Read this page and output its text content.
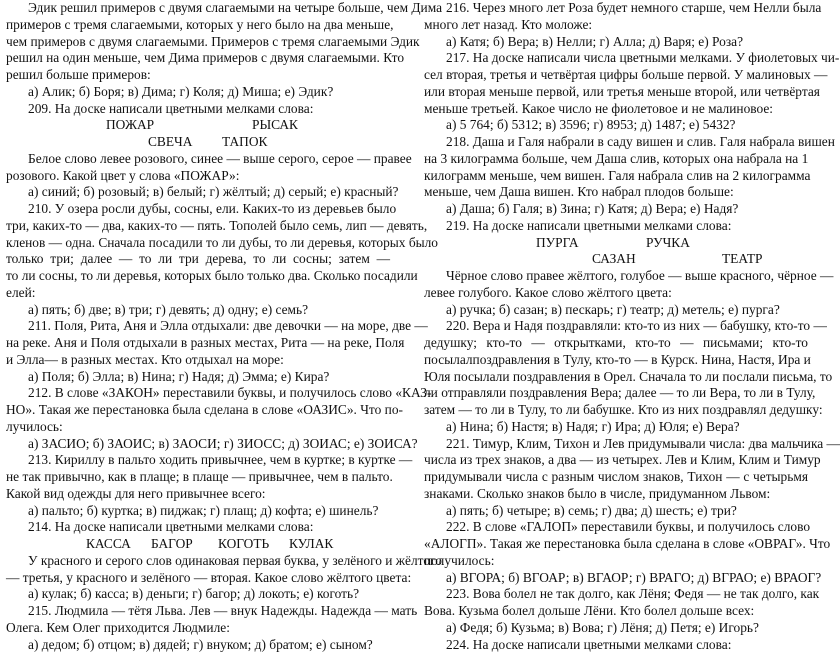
Эдик решил примеров с двумя слагаемыми на четыре больше, чем Дима
примеров с тремя слагаемыми, которых у него было на два меньше,
чем примеров с двумя слагаемыми. Примеров с тремя слагаемыми Эдик
решил на один меньше, чем Дима примеров с двумя слагаемыми. Кто
решил больше примеров:
а) Алик; б) Боря; в) Дима; г) Коля; д) Миша; е) Эдик?
209. На доске написали цветными мелками слова:
ПОЖАР	РЫСАК
СВЕЧА ТАПОК
Белое слово левее розового, синее — выше серого, серое — правее
розового. Какой цвет у слова «ПОЖАР»:
а) синий; б) розовый; в) белый; г) жёлтый; д) серый; е) красный?
210. У озера росли дубы, сосны, ели. Каких-то из деревьев было
три, каких-то — два, каких-то — пять. Тополей было семь, лип — девять,
кленов — одна. Сначала посадили то ли дубы, то ли деревья, которых было
только три; далее — то ли три дерева, то ли сосны; затем —
то ли сосны, то ли деревья, которых было только два. Сколько посадили
елей:
а) пять; б) две; в) три; г) девять; д) одну; е) семь?
211. Поля, Рита, Аня и Элла отдыхали: две девочки — на море, две —
на реке. Аня и Поля отдыхали в разных местах, Рита — на реке, Поля
и Элла— в разных местах. Кто отдыхал на море:
а) Поля; б) Элла; в) Нина; г) Надя; д) Эмма; е) Кира?
212. В слове «ЗАКОН» переставили буквы, и получилось слово «КАЗ-
НО». Такая же перестановка была сделана в слове «ОАЗИС». Что по-
лучилось:
а) ЗАСИО; б) ЗАОИС; в) ЗАОСИ; г) ЗИОСС; д) ЗОИАС; е) ЗОИСА?
213. Кириллу в пальто ходить привычнее, чем в куртке; в куртке —
не так привычно, как в плаще; в плаще — привычнее, чем в пальто.
Какой вид одежды для него привычнее всего:
а) пальто; б) куртка; в) пиджак; г) плащ; д) кофта; е) шинель?
214. На доске написали цветными мелками слова:
КАССА БАГОР КОГОТЬ КУЛАК
У красного и серого слов одинаковая первая буква, у зелёного и жёлтого
— третья, у красного и зелёного — вторая. Какое слово жёлтого цвета:
а) кулак; б) касса; в) деньги; г) багор; д) локоть; е) коготь?
215. Людмила — тётя Льва. Лев — внук Надежды. Надежда — мать
Олега. Кем Олег приходится Людмиле:
а) дедом; б) отцом; в) дядей; г) внуком; д) братом; е) сыном?
216. Через много лет Роза будет немного старше, чем Нелли была
много лет назад. Кто моложе:
а) Катя; б) Вера; в) Нелли; г) Алла; д) Варя; е) Роза?
217. На доске написали числа цветными мелками. У фиолетовых чи-
сел вторая, третья и четвёртая цифры больше первой. У малиновых —
или вторая меньше первой, или третья меньше второй, или четвёртая
меньше третьей. Какое число не фиолетовое и не малиновое:
а) 5 764; б) 5312; в) 3596; г) 8953; д) 1487; е) 5432?
218. Даша и Галя набрали в саду вишен и слив. Галя набрала вишен
на 3 килограмма больше, чем Даша слив, которых она набрала на 1
килограмм меньше, чем вишен. Галя набрала слив на 2 килограмма
меньше, чем Даша вишен. Кто набрал плодов больше:
а) Даша; б) Галя; в) Зина; г) Катя; д) Вера; е) Надя?
219. На доске написали цветными мелками слова:
ПУРГА	РУЧКА
САЗАН	ТЕАТР
Чёрное слово правее жёлтого, голубое — выше красного, чёрное —
левее голубого. Какое слово жёлтого цвета:
а) ручка; б) сазан; в) пескарь; г) театр; д) метель; е) пурга?
220. Вера и Надя поздравляли: кто-то из них — бабушку, кто-то —
дедушку; кто-то — открытками, кто-то — письмами; кто-то
посылалпоздравления в Тулу, кто-то — в Курск. Нина, Настя, Ира и
Юля посылали поздравления в Орел. Сначала то ли послали письма, то
ли отправляли поздравления Вера; далее — то ли Вера, то ли в Тулу,
затем — то ли в Тулу, то ли бабушке. Кто из них поздравлял дедушку:
а) Нина; б) Настя; в) Надя; г) Ира; д) Юля; е) Вера?
221. Тимур, Клим, Тихон и Лев придумывали числа: два мальчика —
числа из трех знаков, а два — из четырех. Лев и Клим, Клим и Тимур
придумывали числа с разным числом знаков, Тихон — с четырьмя
знаками. Сколько знаков было в числе, придуманном Львом:
а) пять; б) четыре; в) семь; г) два; д) шесть; е) три?
222. В слове «ГАЛОП» переставили буквы, и получилось слово
«АЛОГП». Такая же перестановка была сделана в слове «ОВРАГ». Что
получилось:
а) ВГОРА; б) ВГОАР; в) ВГАОР; г) ВРАГО; д) ВГРАО; е) ВРАОГ?
223. Вова болел не так долго, как Лёня; Федя — не так долго, как
Вова. Кузьма болел дольше Лёни. Кто болел дольше всех:
а) Федя; б) Кузьма; в) Вова; г) Лёня; д) Петя; е) Игорь?
224. На доске написали цветными мелками слова:
